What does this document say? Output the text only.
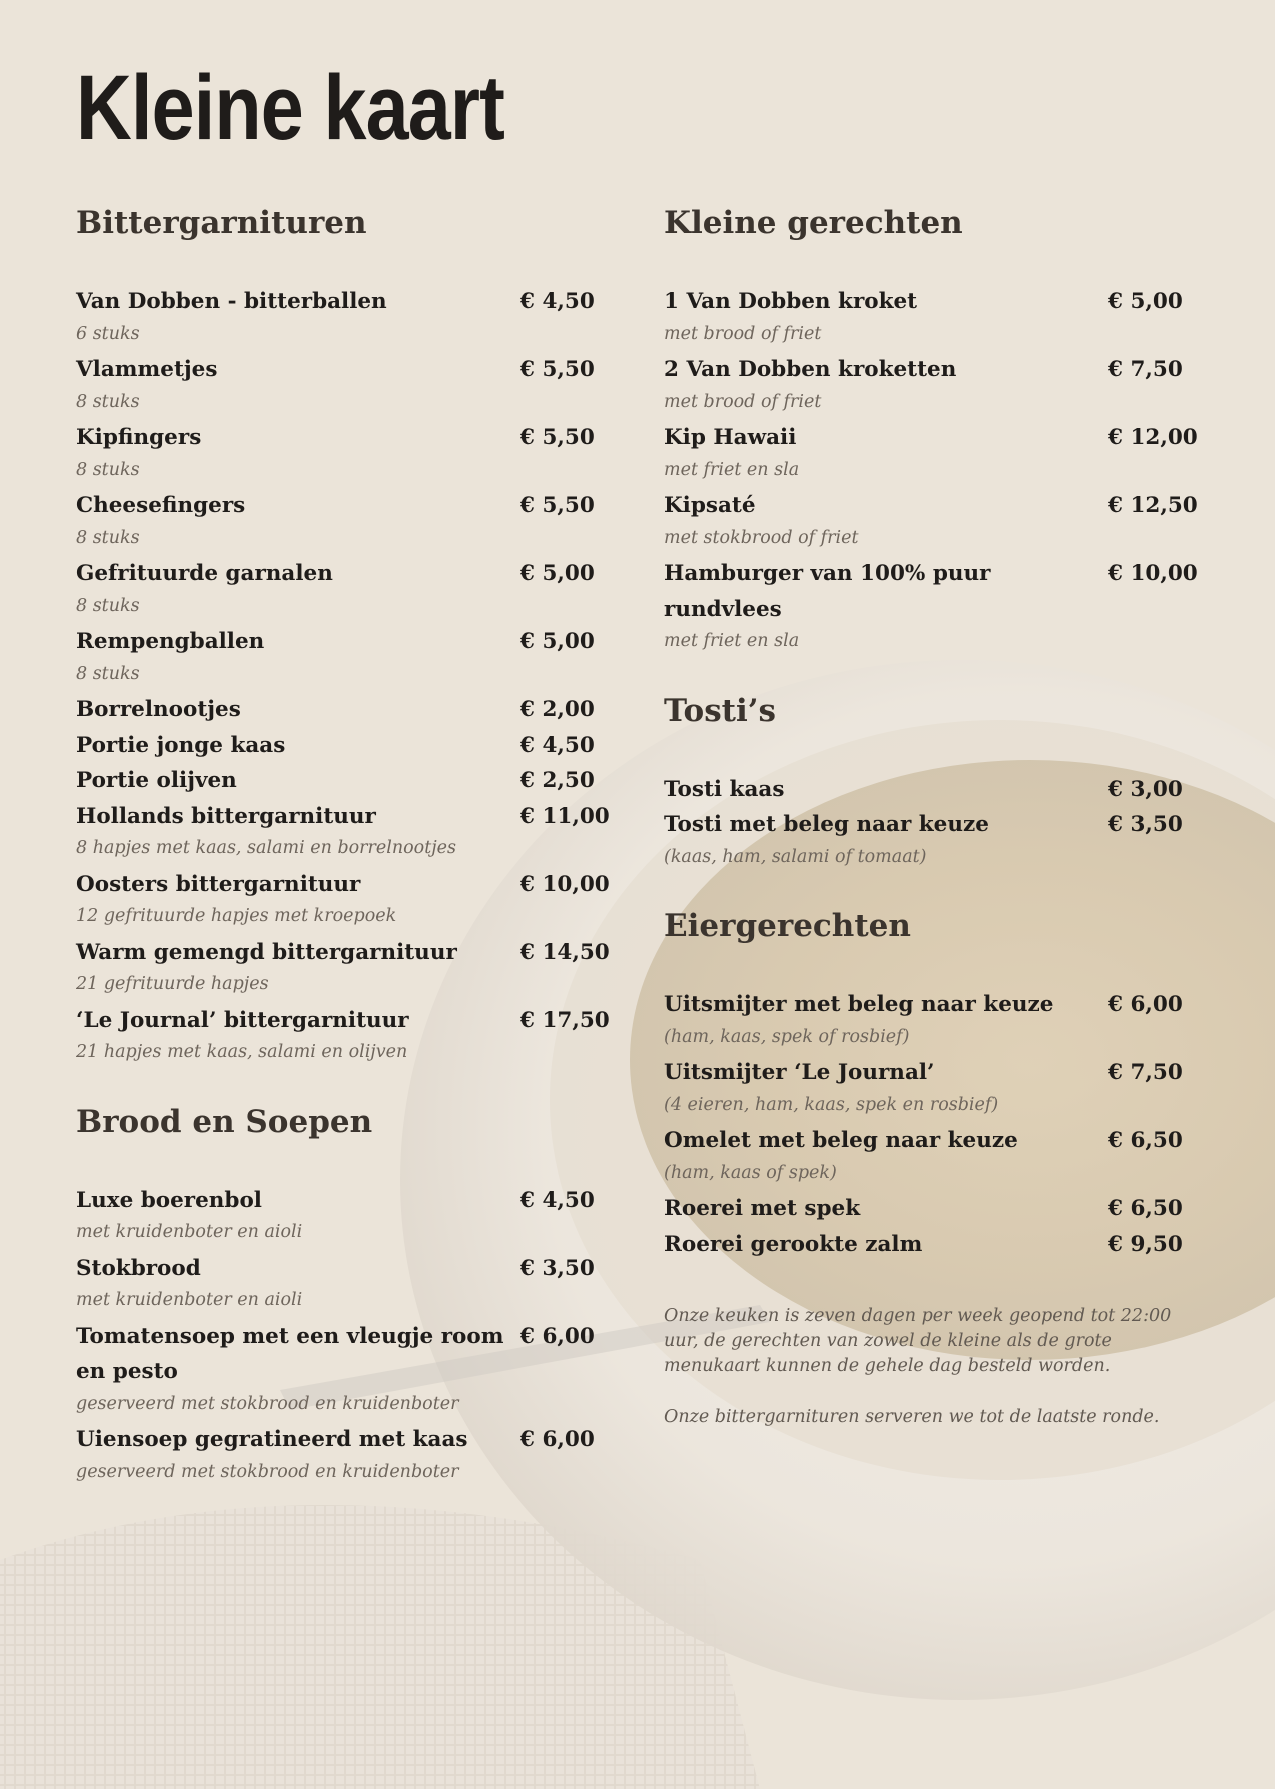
Kleine kaart
Bittergarnituren
Van Dobben - bitterballen	€ 4,50
6 stuks
Vlammetjes	€ 5,50
8 stuks
Kipfingers	€ 5,50
8 stuks
Cheesefingers	€ 5,50
8 stuks
Gefrituurde garnalen	€ 5,00
8 stuks
Rempengballen	€ 5,00
8 stuks
Borrelnootjes	€ 2,00
Portie jonge kaas	€ 4,50
Portie olijven	€ 2,50
Hollands bittergarnituur	€ 11,00
8 hapjes met kaas, salami en borrelnootjes
Oosters bittergarnituur	€ 10,00
12 gefrituurde hapjes met kroepoek
Warm gemengd bittergarnituur	€ 14,50
21 gefrituurde hapjes
‘Le Journal’ bittergarnituur	€ 17,50
21 hapjes met kaas, salami en olijven
Brood en Soepen
Luxe boerenbol	€ 4,50
met kruidenboter en aioli
Stokbrood	€ 3,50
met kruidenboter en aioli
Tomatensoep met een vleugje room en pesto
€ 6,00
geserveerd met stokbrood en kruidenboter
Uiensoep gegratineerd met kaas	€ 6,00
geserveerd met stokbrood en kruidenboter
Kleine gerechten
1 Van Dobben kroket	€ 5,00
met brood of friet
2 Van Dobben kroketten	€ 7,50
met brood of friet
Kip Hawaii	€ 12,00
met friet en sla
Kipsaté	€ 12,50
met stokbrood of friet
Hamburger van 100% puur rundvlees
€ 10,00
met friet en sla
Tosti’s
Tosti kaas	€ 3,00
Tosti met beleg naar keuze	€ 3,50
(kaas, ham, salami of tomaat)
Eiergerechten
Uitsmijter met beleg naar keuze	€ 6,00
(ham, kaas, spek of rosbief)
Uitsmijter ‘Le Journal’	€ 7,50
(4 eieren, ham, kaas, spek en rosbief)
Omelet met beleg naar keuze	€ 6,50
(ham, kaas of spek)
Roerei met spek	€ 6,50
Roerei gerookte zalm	€ 9,50

Onze keuken is zeven dagen per week geopend tot 22:00 uur, de gerechten van zowel de kleine als de grote menukaart kunnen de gehele dag besteld worden.

Onze bittergarnituren serveren we tot de laatste ronde.
